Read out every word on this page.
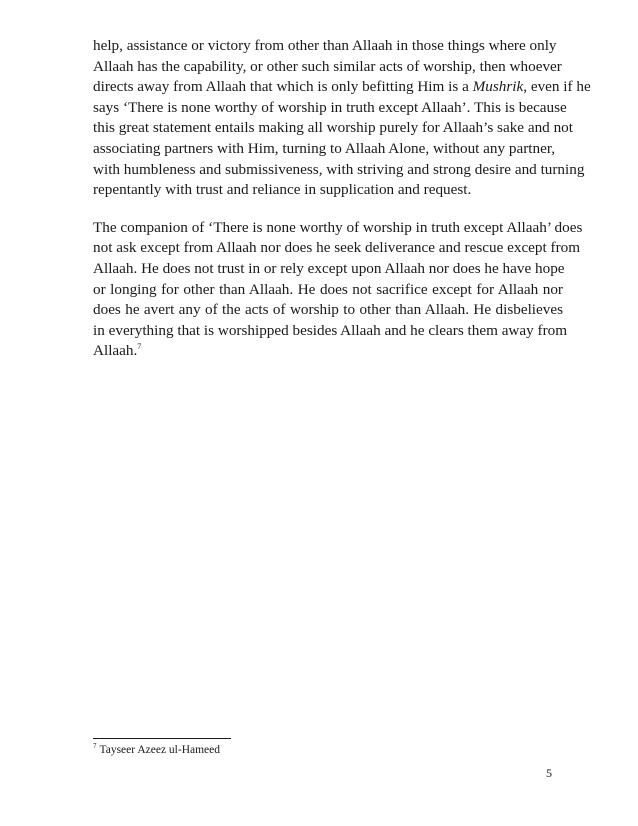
help, assistance or victory from other than Allaah in those things where only
Allaah has the capability, or other such similar acts of worship, then whoever
directs away from Allaah that which is only befitting Him is a Mushrik, even if he
says ‘There is none worthy of worship in truth except Allaah’. This is because
this great statement entails making all worship purely for Allaah’s sake and not
associating partners with Him, turning to Allaah Alone, without any partner,
with humbleness and submissiveness, with striving and strong desire and turning
repentantly with trust and reliance in supplication and request.
The companion of ‘There is none worthy of worship in truth except Allaah’ does
not ask except from Allaah nor does he seek deliverance and rescue except from
Allaah. He does not trust in or rely except upon Allaah nor does he have hope
or longing for other than Allaah. He does not sacrifice except for Allaah nor
does he avert any of the acts of worship to other than Allaah. He disbelieves
in everything that is worshipped besides Allaah and he clears them away from
Allaah.$^7$
$^7$ Tayseer Azeez ul-Hameed
5
